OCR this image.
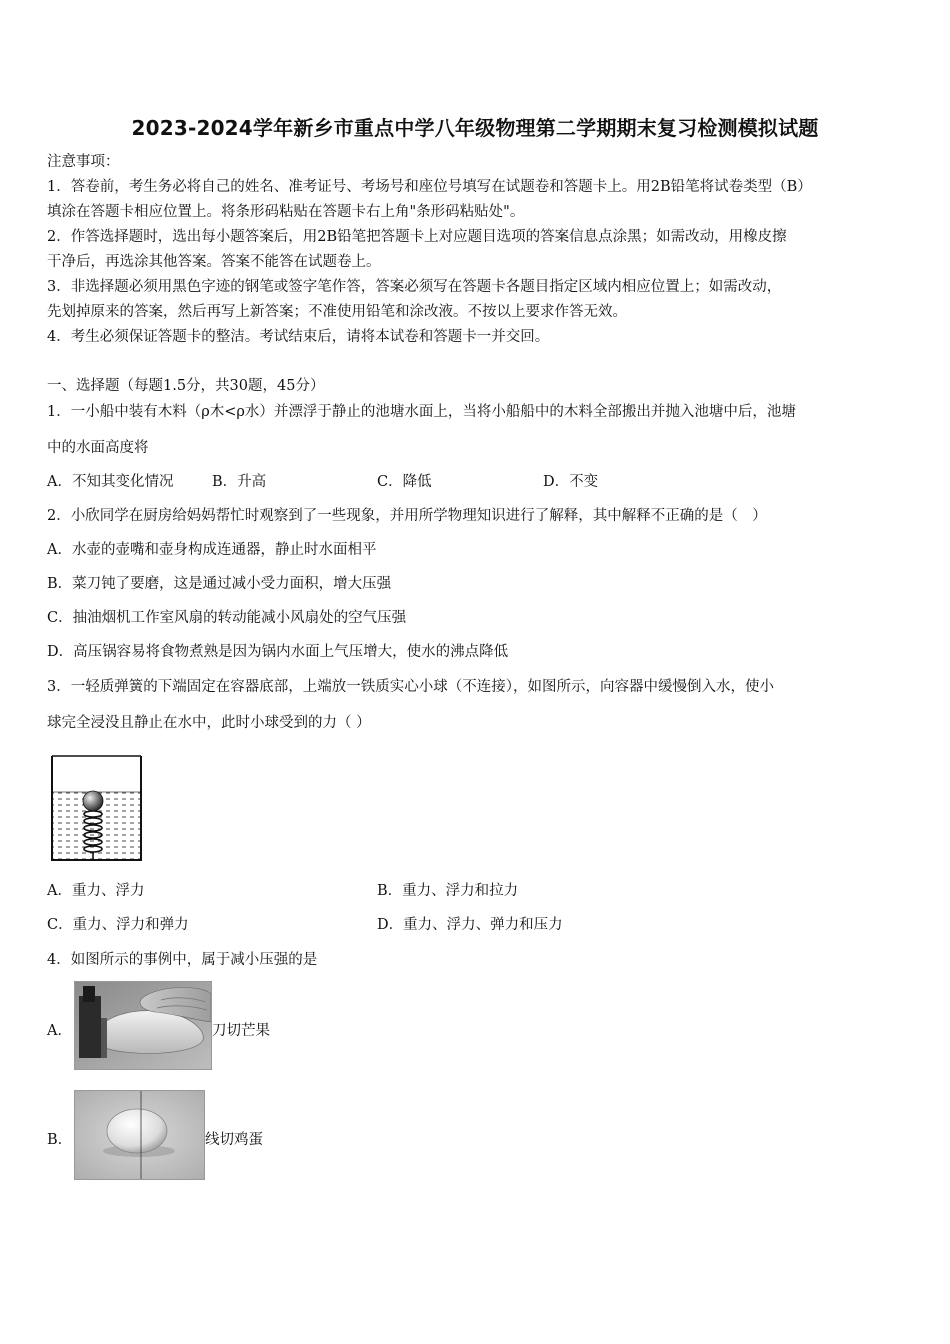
2023-2024学年新乡市重点中学八年级物理第二学期期末复习检测模拟试题
注意事项：
1．答卷前，考生务必将自己的姓名、准考证号、考场号和座位号填写在试题卷和答题卡上。用2B铅笔将试卷类型（B）
填涂在答题卡相应位置上。将条形码粘贴在答题卡右上角"条形码粘贴处"。
2．作答选择题时，选出每小题答案后，用2B铅笔把答题卡上对应题目选项的答案信息点涂黑；如需改动，用橡皮擦
干净后，再选涂其他答案。答案不能答在试题卷上。
3．非选择题必须用黑色字迹的钢笔或签字笔作答，答案必须写在答题卡各题目指定区域内相应位置上；如需改动，
先划掉原来的答案，然后再写上新答案；不准使用铅笔和涂改液。不按以上要求作答无效。
4．考生必须保证答题卡的整洁。考试结束后，请将本试卷和答题卡一并交回。
一、选择题（每题1.5分，共30题，45分）
1．一小船中装有木料（ρ木<ρ水）并漂浮于静止的池塘水面上，当将小船船中的木料全部搬出并抛入池塘中后，池塘
中的水面高度将
A．不知其变化情况	B．升高	C．降低	D．不变
2．小欣同学在厨房给妈妈帮忙时观察到了一些现象，并用所学物理知识进行了解释，其中解释不正确的是（　）
A．水壶的壶嘴和壶身构成连通器，静止时水面相平
B．菜刀钝了要磨，这是通过减小受力面积，增大压强
C．抽油烟机工作室风扇的转动能减小风扇处的空气压强
D．高压锅容易将食物煮熟是因为锅内水面上气压增大，使水的沸点降低
3．一轻质弹簧的下端固定在容器底部，上端放一铁质实心小球（不连接），如图所示，向容器中缓慢倒入水，使小
球完全浸没且静止在水中，此时小球受到的力（ ）
A．重力、浮力	B．重力、浮力和拉力
C．重力、浮力和弹力	D．重力、浮力、弹力和压力
4．如图所示的事例中，属于减小压强的是
A．	刀切芒果
B．	线切鸡蛋
